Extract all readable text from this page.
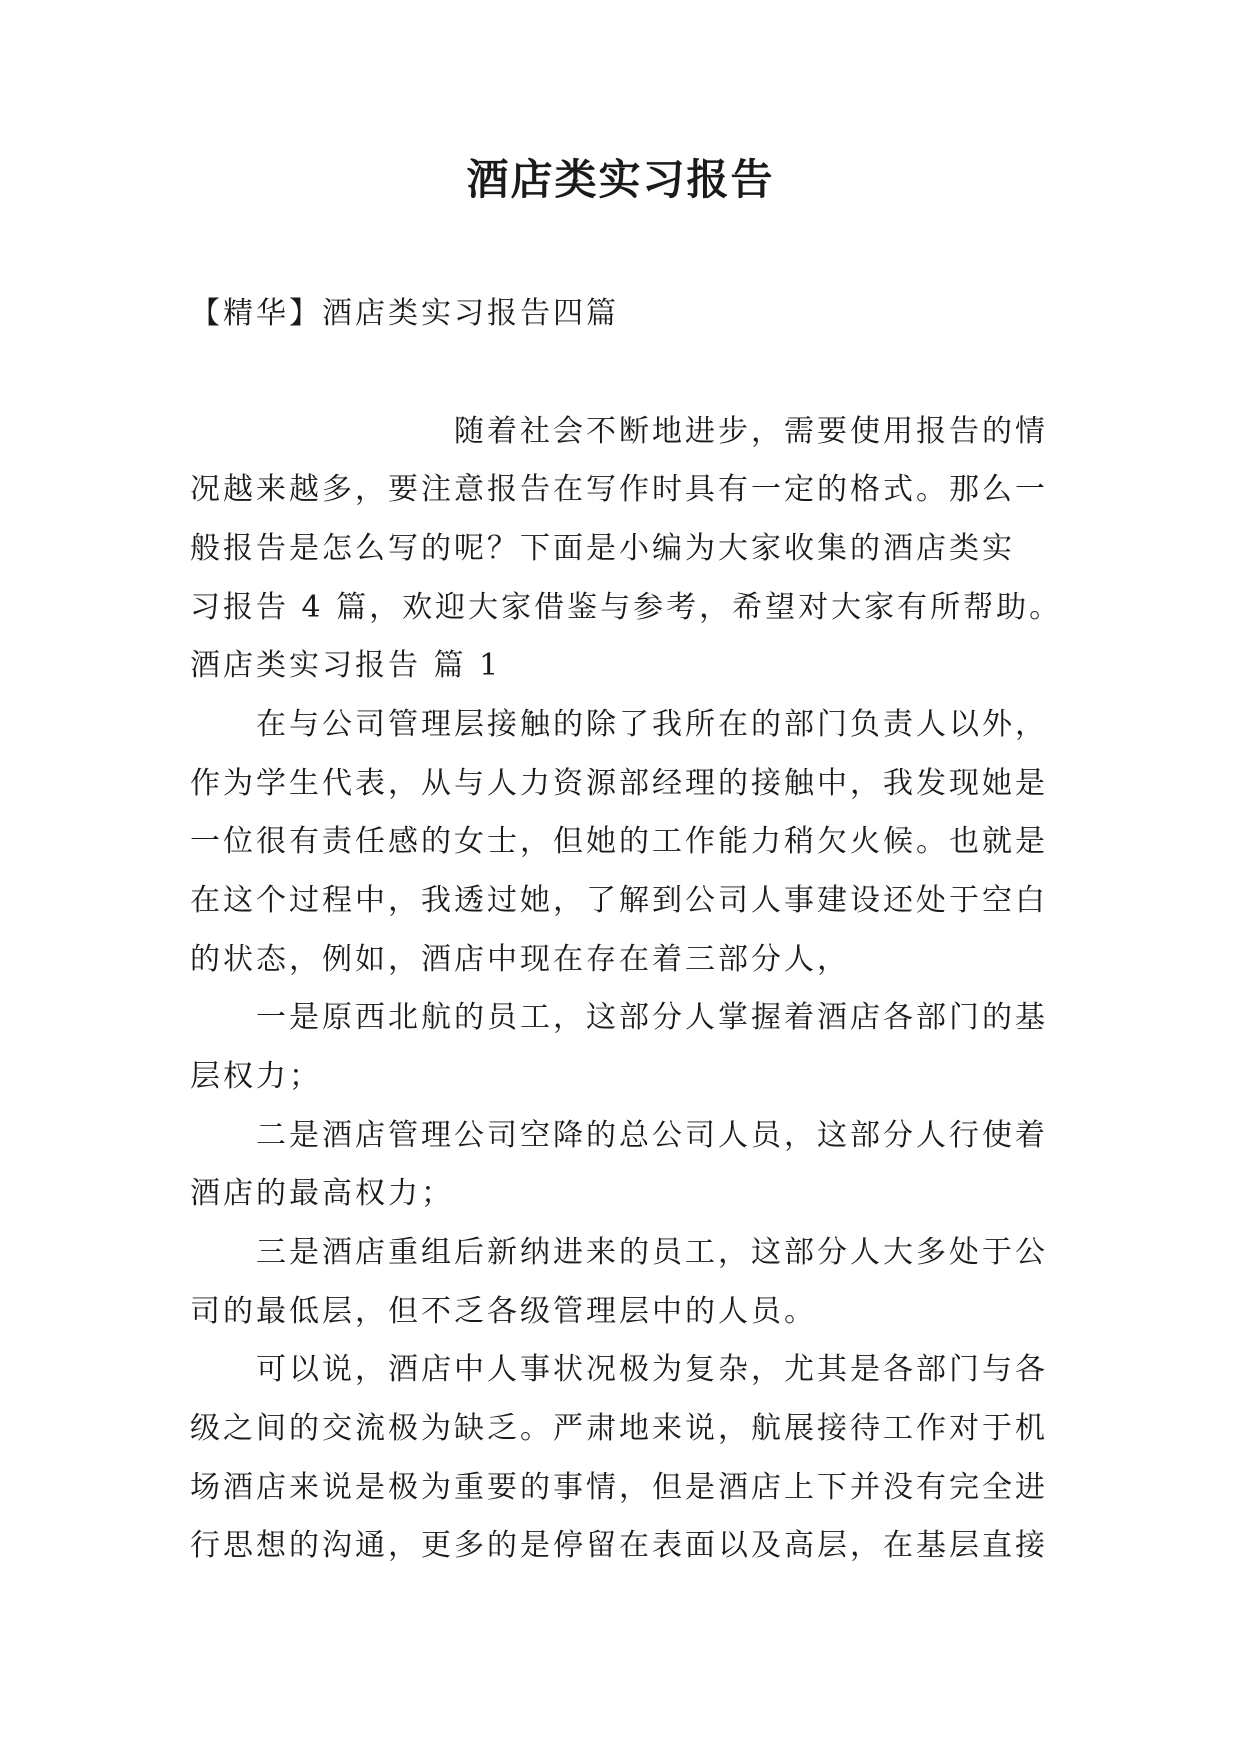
酒店类实习报告

【精华】酒店类实习报告四篇

随着社会不断地进步，需要使用报告的情

况越来越多，要注意报告在写作时具有一定的格式。那么一

般报告是怎么写的呢？下面是小编为大家收集的酒店类实

习报告 4 篇，欢迎大家借鉴与参考，希望对大家有所帮助。

酒店类实习报告 篇 1

在与公司管理层接触的除了我所在的部门负责人以外，

作为学生代表，从与人力资源部经理的接触中，我发现她是

一位很有责任感的女士，但她的工作能力稍欠火候。也就是

在这个过程中，我透过她，了解到公司人事建设还处于空白

的状态，例如，酒店中现在存在着三部分人，

一是原西北航的员工，这部分人掌握着酒店各部门的基

层权力；

二是酒店管理公司空降的总公司人员，这部分人行使着

酒店的最高权力；

三是酒店重组后新纳进来的员工，这部分人大多处于公

司的最低层，但不乏各级管理层中的人员。

可以说，酒店中人事状况极为复杂，尤其是各部门与各

级之间的交流极为缺乏。严肃地来说，航展接待工作对于机

场酒店来说是极为重要的事情，但是酒店上下并没有完全进

行思想的沟通，更多的是停留在表面以及高层，在基层直接
